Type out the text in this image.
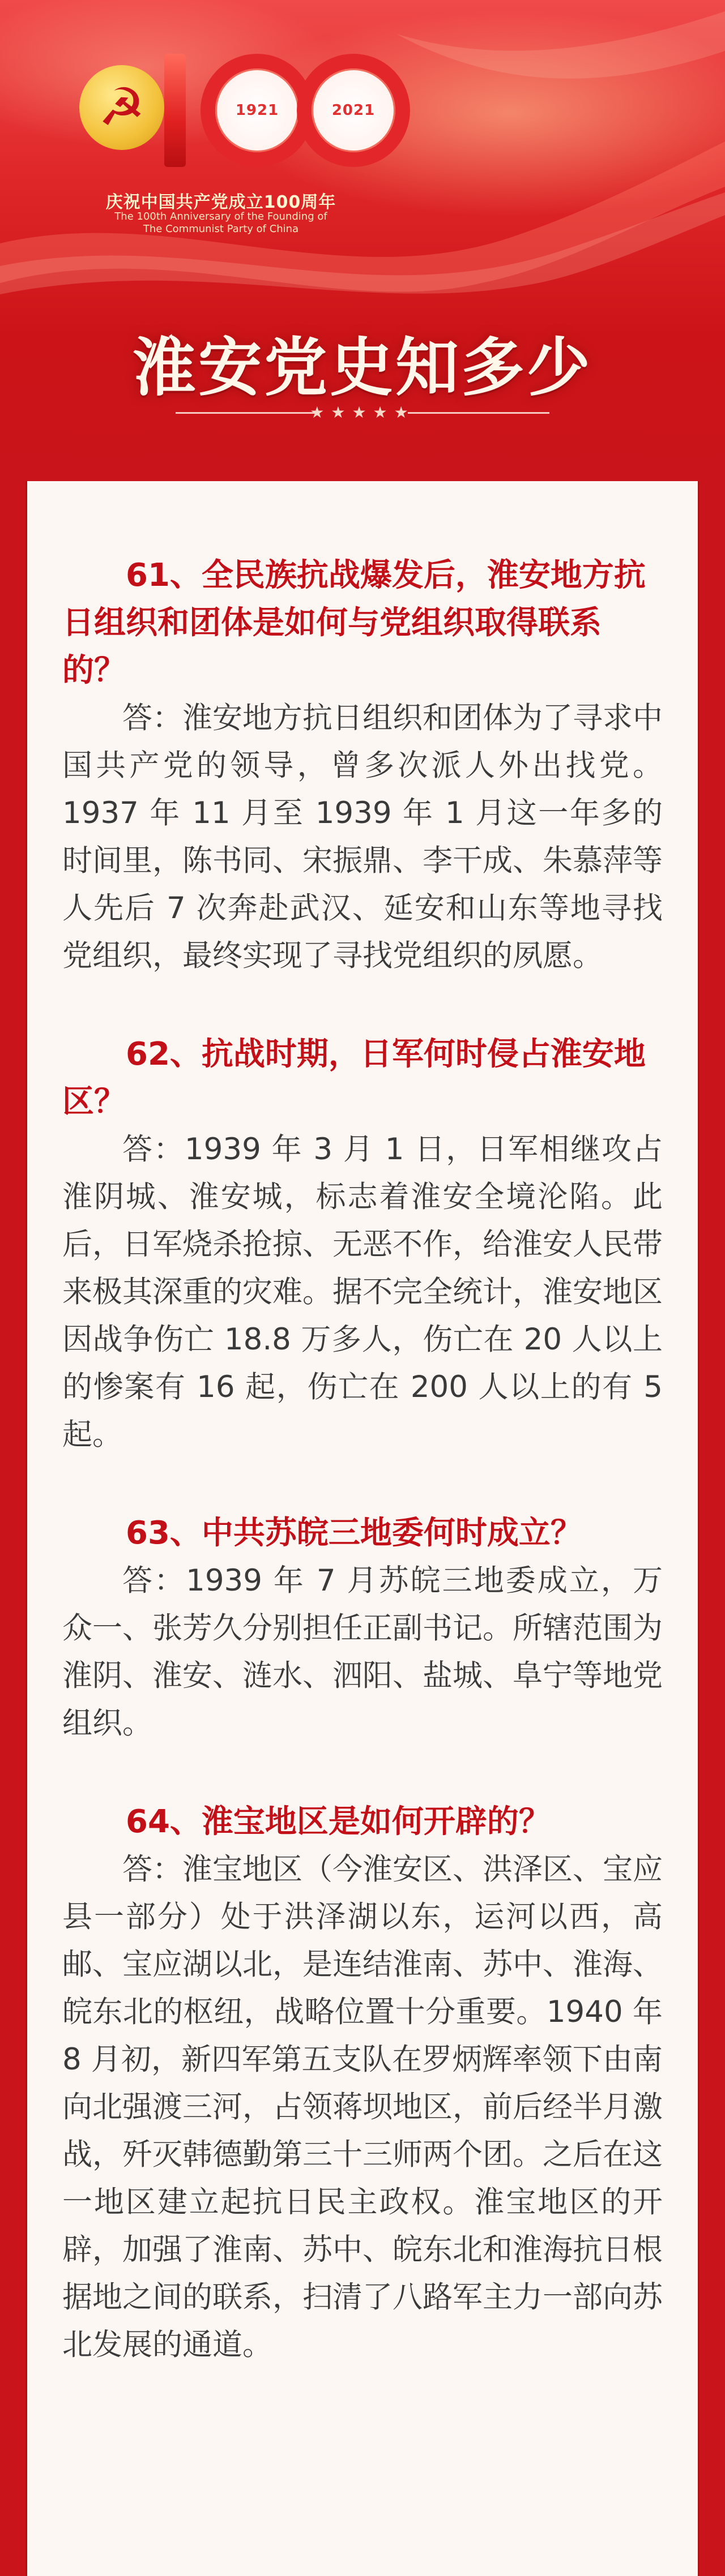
☭	1921	2021
庆祝中国共产党成立100周年
The 100th Anniversary of the Founding of
The Communist Party of China
淮安党史知多少
★★★★★

61、全民族抗战爆发后，淮安地方抗日组织和团体是如何与党组织取得联系的？

答：淮安地方抗日组织和团体为了寻求中国共产党的领导，曾多次派人外出找党。1937 年 11 月至 1939 年 1 月这一年多的时间里，陈书同、宋振鼎、李干成、朱慕萍等人先后 7 次奔赴武汉、延安和山东等地寻找党组织，最终实现了寻找党组织的夙愿。

62、抗战时期，日军何时侵占淮安地区？

答：1939 年 3 月 1 日，日军相继攻占淮阴城、淮安城，标志着淮安全境沦陷。此后，日军烧杀抢掠、无恶不作，给淮安人民带来极其深重的灾难。据不完全统计，淮安地区因战争伤亡 18.8 万多人，伤亡在 20 人以上的惨案有 16 起，伤亡在 200 人以上的有 5 起。

63、中共苏皖三地委何时成立？

答：1939 年 7 月苏皖三地委成立，万众一、张芳久分别担任正副书记。所辖范围为淮阴、淮安、涟水、泗阳、盐城、阜宁等地党组织。

64、淮宝地区是如何开辟的？

答：淮宝地区（今淮安区、洪泽区、宝应县一部分）处于洪泽湖以东，运河以西，高邮、宝应湖以北，是连结淮南、苏中、淮海、皖东北的枢纽，战略位置十分重要。1940 年 8 月初，新四军第五支队在罗炳辉率领下由南向北强渡三河，占领蒋坝地区，前后经半月激战，歼灭韩德勤第三十三师两个团。之后在这一地区建立起抗日民主政权。淮宝地区的开辟，加强了淮南、苏中、皖东北和淮海抗日根据地之间的联系，扫清了八路军主力一部向苏北发展的通道。
